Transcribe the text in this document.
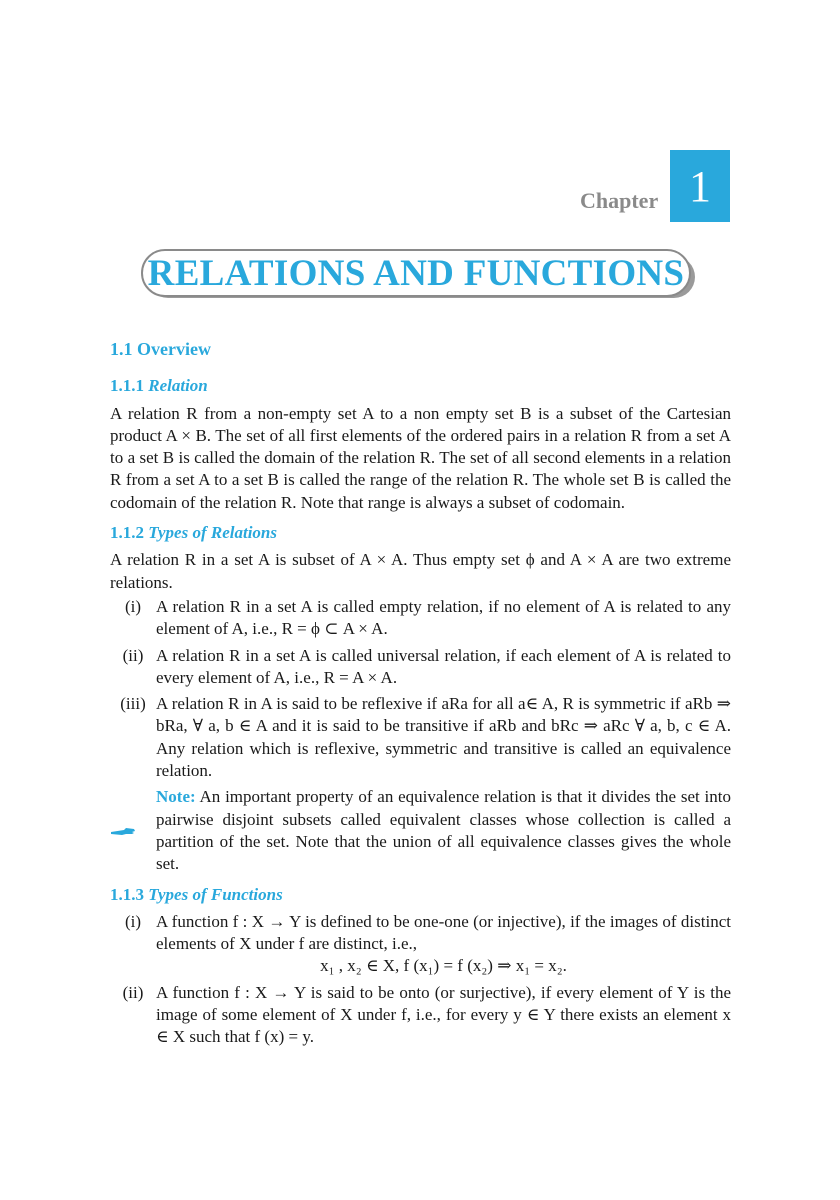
Chapter 1
RELATIONS AND FUNCTIONS
1.1 Overview
1.1.1 Relation

A relation R from a non-empty set A to a non empty set B is a subset of the Cartesian product A × B. The set of all first elements of the ordered pairs in a relation R from a set A to a set B is called the domain of the relation R. The set of all second elements in a relation R from a set A to a set B is called the range of the relation R. The whole set B is called the codomain of the relation R. Note that range is always a subset of codomain.

1.1.2 Types of Relations

A relation R in a set A is subset of A × A. Thus empty set ϕ and A × A are two extreme relations.

(i) A relation R in a set A is called empty relation, if no element of A is related to any element of A, i.e., R = ϕ ⊂ A × A.
(ii) A relation R in a set A is called universal relation, if each element of A is related to every element of A, i.e., R = A × A.
(iii) A relation R in A is said to be reflexive if aRa for all a∈ A, R is symmetric if aRb ⇒ bRa, ∀ a, b ∈ A and it is said to be transitive if aRb and bRc ⇒ aRc ∀ a, b, c ∈ A. Any relation which is reflexive, symmetric and transitive is called an equivalence relation.
Note: An important property of an equivalence relation is that it divides the set into pairwise disjoint subsets called equivalent classes whose collection is called a partition of the set. Note that the union of all equivalence classes gives the whole set.
1.1.3 Types of Functions
(i) A function f : X → Y is defined to be one-one (or injective), if the images of distinct elements of X under f are distinct, i.e.,
x₁ , x₂ ∈ X, f (x₁) = f (x₂) ⇒ x₁ = x₂.
(ii) A function f : X → Y is said to be onto (or surjective), if every element of Y is the image of some element of X under f, i.e., for every y ∈ Y there exists an element x ∈ X such that f (x) = y.
